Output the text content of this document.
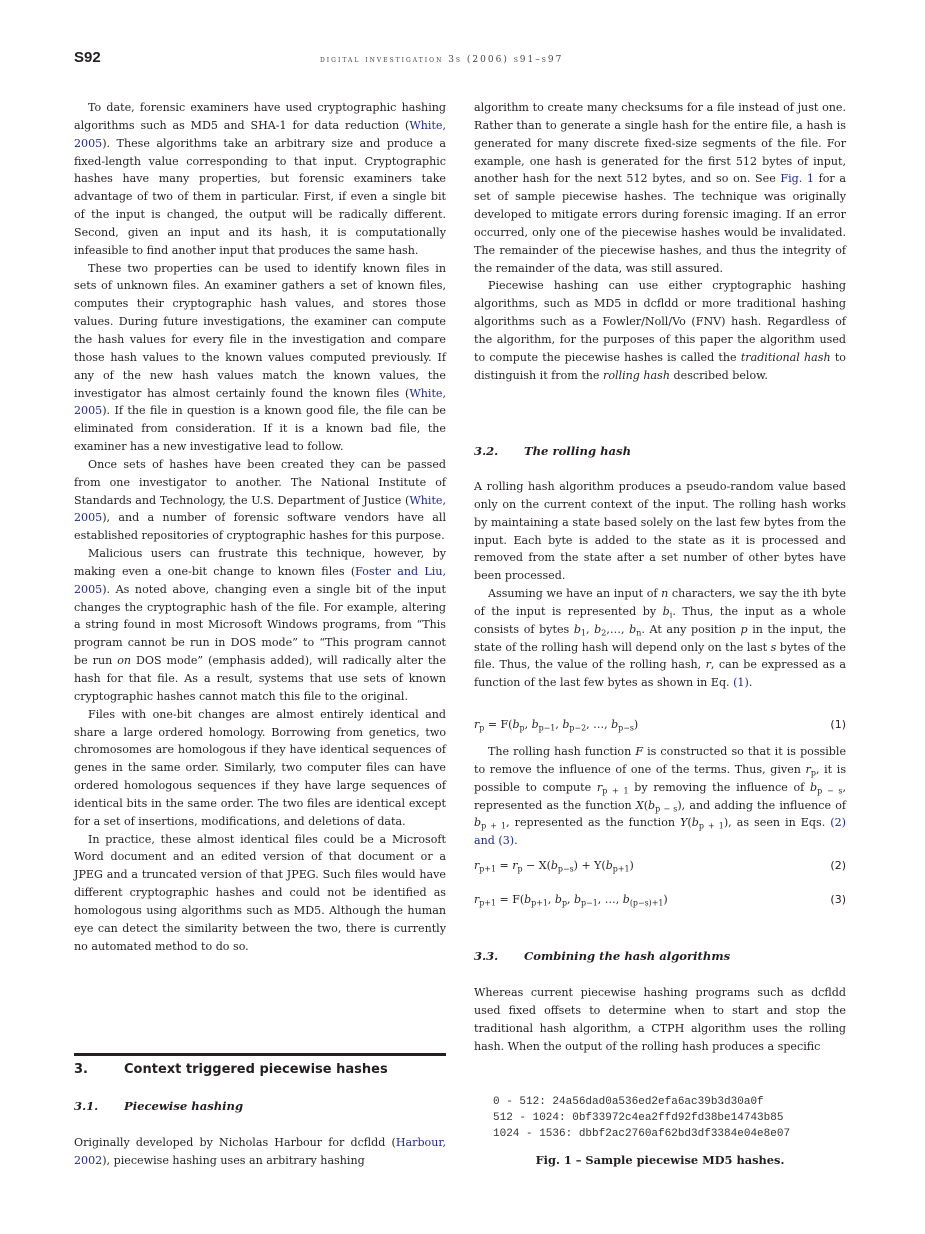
S92	digital investigation 3s (2006) s91–s97

To date, forensic examiners have used cryptographic hashing algorithms such as MD5 and SHA-1 for data reduction (White, 2005). These algorithms take an arbitrary size and produce a fixed-length value corresponding to that input. Cryptographic hashes have many properties, but forensic examiners take advantage of two of them in particular. First, if even a single bit of the input is changed, the output will be radically different. Second, given an input and its hash, it is computationally infeasible to find another input that produces the same hash.

These two properties can be used to identify known files in sets of unknown files. An examiner gathers a set of known files, computes their cryptographic hash values, and stores those values. During future investigations, the examiner can compute the hash values for every file in the investigation and compare those hash values to the known values computed previously. If any of the new hash values match the known values, the investigator has almost certainly found the known files (White, 2005). If the file in question is a known good file, the file can be eliminated from consideration. If it is a known bad file, the examiner has a new investigative lead to follow.

Once sets of hashes have been created they can be passed from one investigator to another. The National Institute of Standards and Technology, the U.S. Department of Justice (White, 2005), and a number of forensic software vendors have all established repositories of cryptographic hashes for this purpose.

Malicious users can frustrate this technique, however, by making even a one-bit change to known files (Foster and Liu, 2005). As noted above, changing even a single bit of the input changes the cryptographic hash of the file. For example, altering a string found in most Microsoft Windows programs, from “This program cannot be run in DOS mode” to “This program cannot be run on DOS mode” (emphasis added), will radically alter the hash for that file. As a result, systems that use sets of known cryptographic hashes cannot match this file to the original.

Files with one-bit changes are almost entirely identical and share a large ordered homology. Borrowing from genetics, two chromosomes are homologous if they have identical sequences of genes in the same order. Similarly, two computer files can have ordered homologous sequences if they have large sequences of identical bits in the same order. The two files are identical except for a set of insertions, modifications, and deletions of data.

In practice, these almost identical files could be a Microsoft Word document and an edited version of that document or a JPEG and a truncated version of that JPEG. Such files would have different cryptographic hashes and could not be identified as homologous using algorithms such as MD5. Although the human eye can detect the similarity between the two, there is currently no automated method to do so.

3.	Context triggered piecewise hashes
3.1. Piecewise hashing

Originally developed by Nicholas Harbour for dcfldd (Harbour, 2002), piecewise hashing uses an arbitrary hashing

algorithm to create many checksums for a file instead of just one. Rather than to generate a single hash for the entire file, a hash is generated for many discrete fixed-size segments of the file. For example, one hash is generated for the first 512 bytes of input, another hash for the next 512 bytes, and so on. See Fig. 1 for a set of sample piecewise hashes. The technique was originally developed to mitigate errors during forensic imaging. If an error occurred, only one of the piecewise hashes would be invalidated. The remainder of the piecewise hashes, and thus the integrity of the remainder of the data, was still assured.

Piecewise hashing can use either cryptographic hashing algorithms, such as MD5 in dcfldd or more traditional hashing algorithms such as a Fowler/Noll/Vo (FNV) hash. Regardless of the algorithm, for the purposes of this paper the algorithm used to compute the piecewise hashes is called the traditional hash to distinguish it from the rolling hash described below.

3.2. The rolling hash

A rolling hash algorithm produces a pseudo-random value based only on the current context of the input. The rolling hash works by maintaining a state based solely on the last few bytes from the input. Each byte is added to the state as it is processed and removed from the state after a set number of other bytes have been processed.

Assuming we have an input of n characters, we say the ith byte of the input is represented by $b_i$. Thus, the input as a whole consists of bytes $b_1$, $b_2,\dots$, $b_n$. At any position p in the input, the state of the rolling hash will depend only on the last s bytes of the file. Thus, the value of the rolling hash, r, can be expressed as a function of the last few bytes as shown in Eq. (1).

$r_p = F(b_p$, $b_{p-1}$, $b_{p-2}$, …, $b_{p-s}$)	(1)

The rolling hash function F is constructed so that it is possible to remove the influence of one of the terms. Thus, given $r_p$, it is possible to compute $r_{p + 1}$ by removing the influence of $b_{p - s}$, represented as the function $X(b_{p - s})$, and adding the influence of $b_{p + 1}$, represented as the function $Y(b_{p + 1})$, as seen in Eqs. (2) and (3).

$r_{p+1} = r_p - X(b_{p-s}) + Y(b_{p+1})$	(2)
$r_{p+1} = F(b_{p+1}$, $b_p$, $b_{p-1}$, …, $b_{(p-s)+1}$)	(3)
3.3. Combining the hash algorithms

Whereas current piecewise hashing programs such as dcfldd used fixed offsets to determine when to start and stop the traditional hash algorithm, a CTPH algorithm uses the rolling hash. When the output of the rolling hash produces a specific

0 - 512: 24a56dad0a536ed2efa6ac39b3d30a0f
512 - 1024: 0bf33972c4ea2ffd92fd38be14743b85
1024 - 1536: dbbf2ac2760af62bd3df3384e04e8e07
Fig. 1 – Sample piecewise MD5 hashes.
